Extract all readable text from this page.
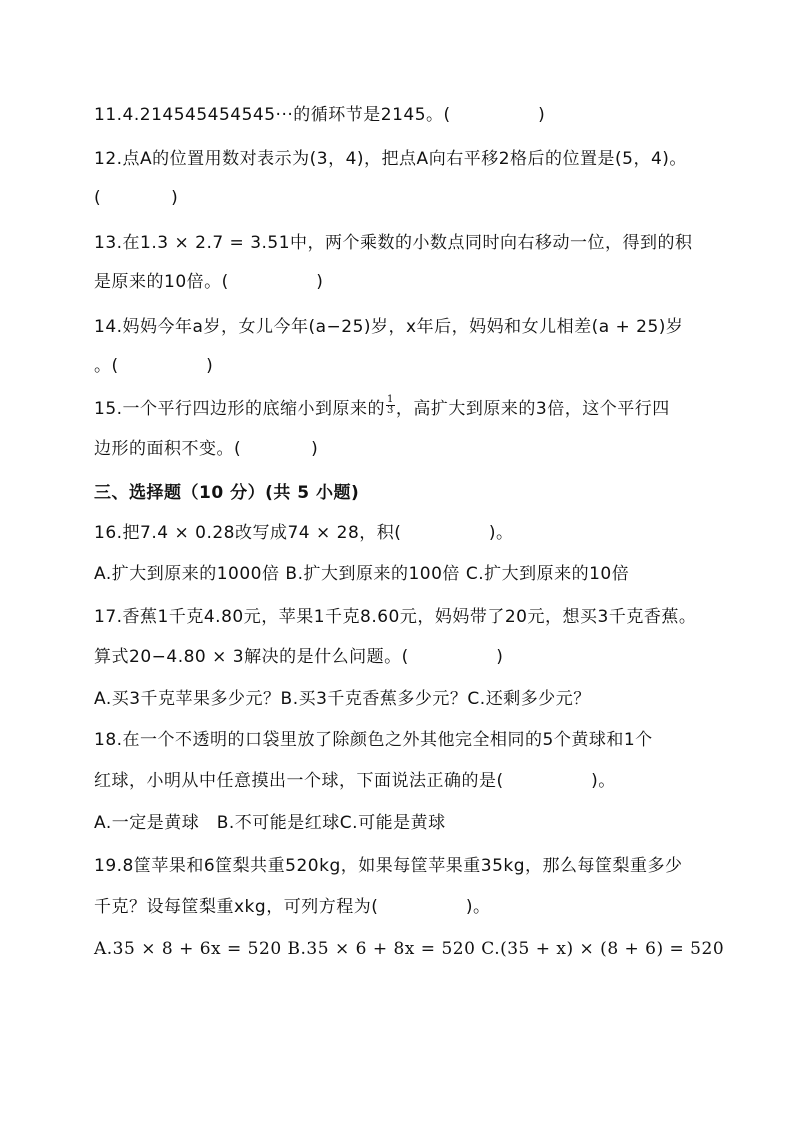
11.4.214545454545···的循环节是2145。(　　　　　)
12.点A的位置用数对表示为(3，4)，把点A向右平移2格后的位置是(5，4)。
(　　　　)
13.在1.3 × 2.7 = 3.51中，两个乘数的小数点同时向右移动一位，得到的积
是原来的10倍。(　　　　　)
14.妈妈今年a岁，女儿今年(a−25)岁，x年后，妈妈和女儿相差(a + 25)岁
。(　　　　　)
15.一个平行四边形的底缩小到原来的 $\frac{1}{3}$ ，高扩大到原来的3倍，这个平行四
边形的面积不变。(　　　　)
三、选择题（10 分）(共 5 小题)
16.把7.4 × 0.28改写成74 × 28，积(　　　　　)。
A.扩大到原来的1000倍 B.扩大到原来的100倍 C.扩大到原来的10倍
17.香蕉1千克4.80元，苹果1千克8.60元，妈妈带了20元，想买3千克香蕉。
算式20−4.80 × 3解决的是什么问题。(　　　　　)
A.买3千克苹果多少元？B.买3千克香蕉多少元？C.还剩多少元？
18.在一个不透明的口袋里放了除颜色之外其他完全相同的5个黄球和1个
红球，小明从中任意摸出一个球，下面说法正确的是(　　　　　)。
A.一定是黄球　B.不可能是红球C.可能是黄球
19.8筐苹果和6筐梨共重520kg，如果每筐苹果重35kg，那么每筐梨重多少
千克？设每筐梨重xkg，可列方程为(　　　　　)。
A.35 × 8 + 6x = 520 B.35 × 6 + 8x = 520 C.(35 + x) × (8 + 6) = 520
